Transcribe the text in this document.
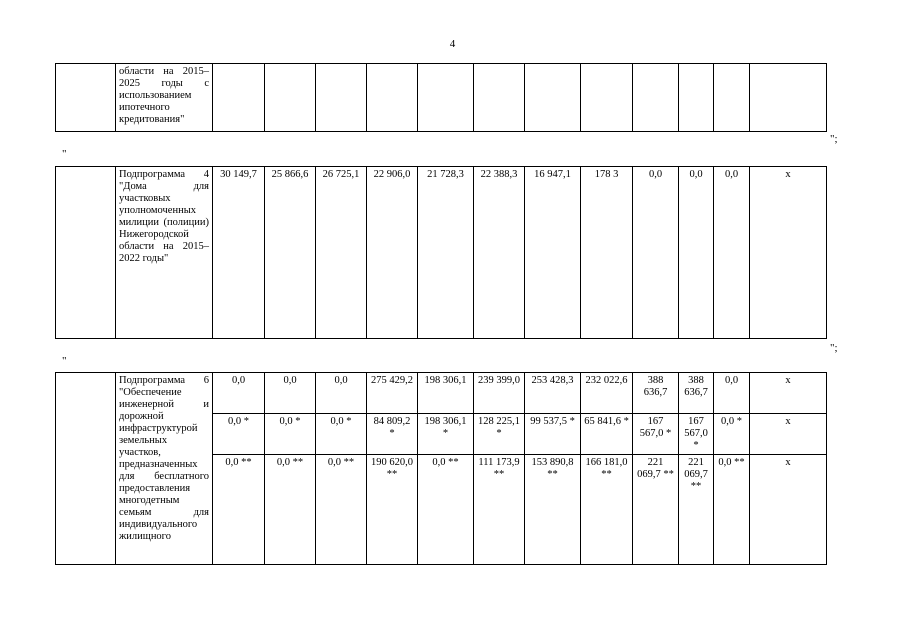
4
	области на 2015–2025 годы с использованием ипотечного кредитования"												
";
"
	Подпрограмма 4 "Дома для участковых уполномоченных милиции (полиции) Нижегородской области на 2015–2022 годы"	30 149,7	25 866,6	26 725,1	22 906,0	21 728,3	22 388,3	16 947,1	178 3	0,0	0,0	0,0	х	
";
"
	Подпрограмма 6 "Обеспечение инженерной и дорожной инфраструктурой земельных участков, предназначенных для бесплатного предоставления многодетным семьям для индивидуального жилищного	0,0	0,0	0,0	275 429,2	198 306,1	239 399,0	253 428,3	232 022,6	388 636,7	388 636,7	0,0	х	
		0,0 *	0,0 *	0,0 *	84 809,2 *	198 306,1 *	128 225,1 *	99 537,5 *	65 841,6 *	167 567,0 *	167 567,0 *	0,0 *	х	
		0,0 **	0,0 **	0,0 **	190 620,0 **	0,0 **	111 173,9 **	153 890,8 **	166 181,0 **	221 069,7 **	221 069,7 **	0,0 **	х	
